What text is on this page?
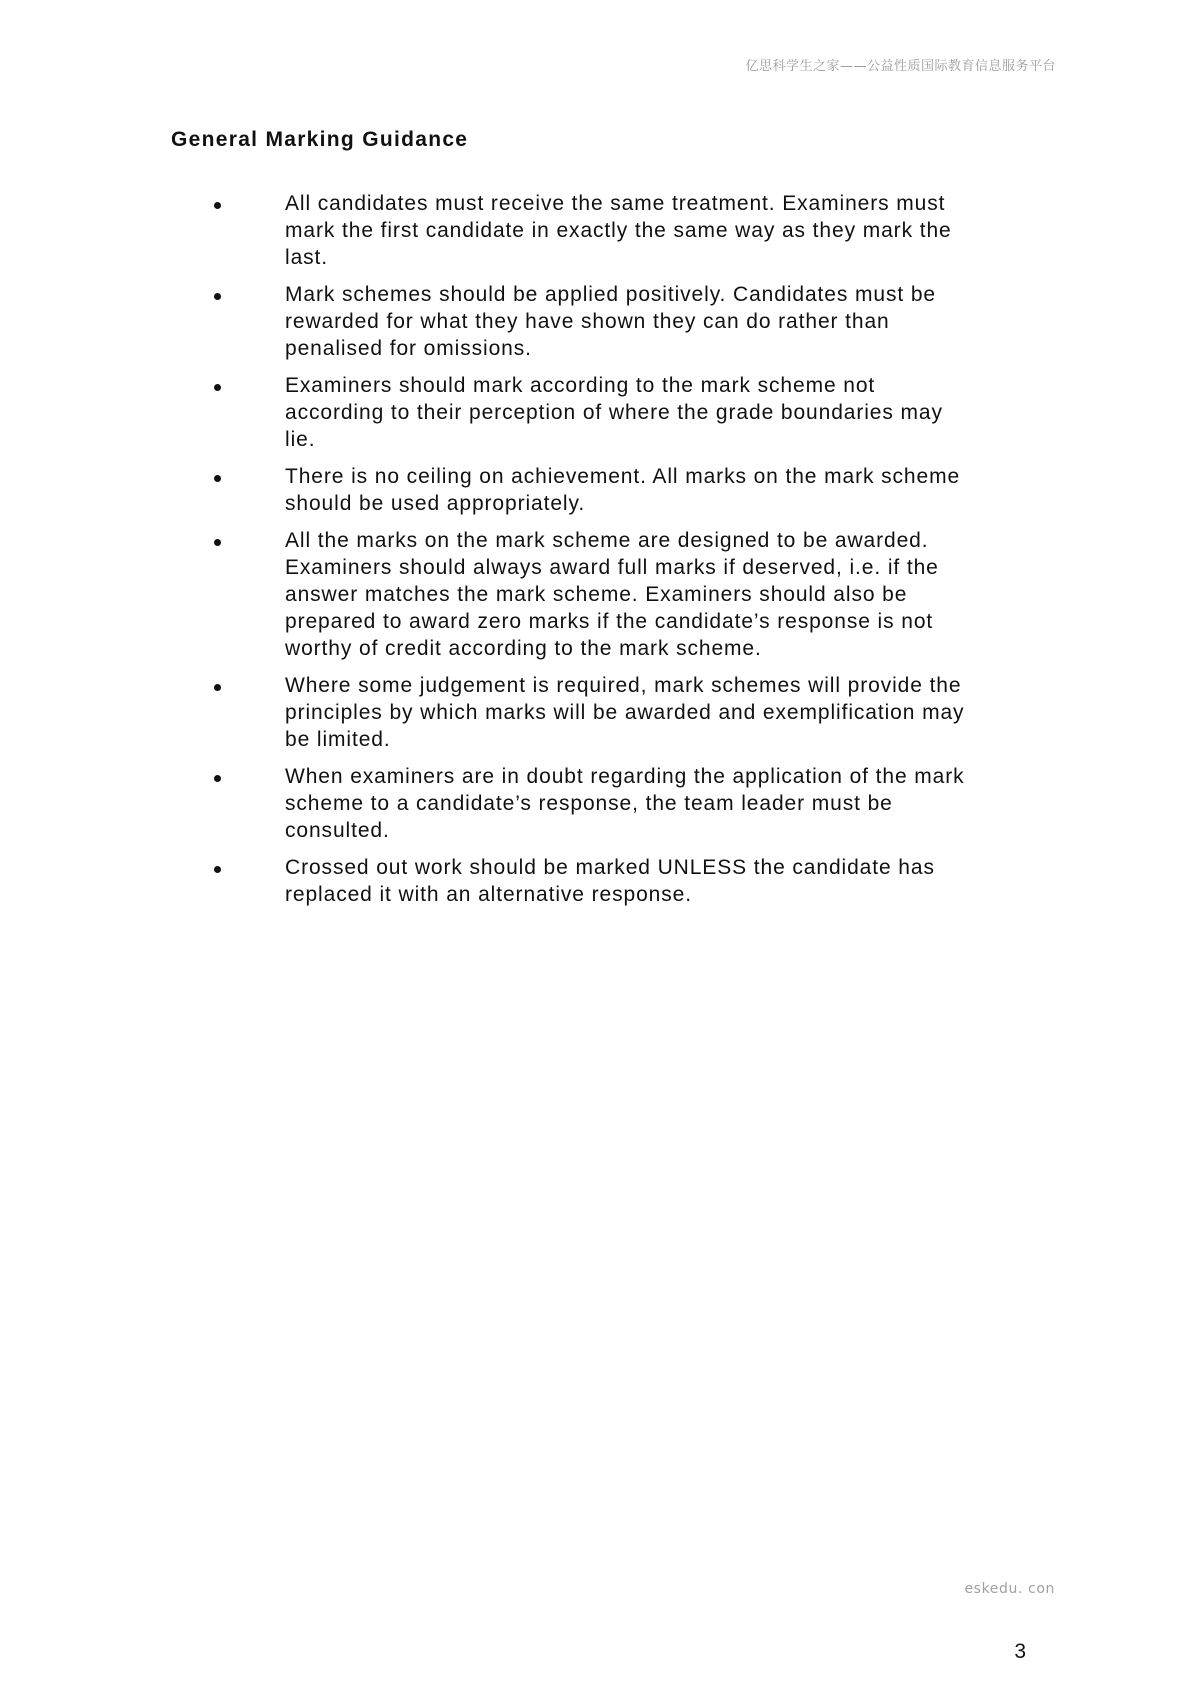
亿思科学生之家——公益性质国际教育信息服务平台
General Marking Guidance
All candidates must receive the same treatment. Examiners must mark the first candidate in exactly the same way as they mark the last.
Mark schemes should be applied positively. Candidates must be rewarded for what they have shown they can do rather than penalised for omissions.
Examiners should mark according to the mark scheme not according to their perception of where the grade boundaries may lie.
There is no ceiling on achievement. All marks on the mark scheme should be used appropriately.
All the marks on the mark scheme are designed to be awarded. Examiners should always award full marks if deserved, i.e. if the answer matches the mark scheme. Examiners should also be prepared to award zero marks if the candidate’s response is not worthy of credit according to the mark scheme.
Where some judgement is required, mark schemes will provide the principles by which marks will be awarded and exemplification may be limited.
When examiners are in doubt regarding the application of the mark scheme to a candidate’s response, the team leader must be consulted.
Crossed out work should be marked UNLESS the candidate has replaced it with an alternative response.
eskedu. con
3
